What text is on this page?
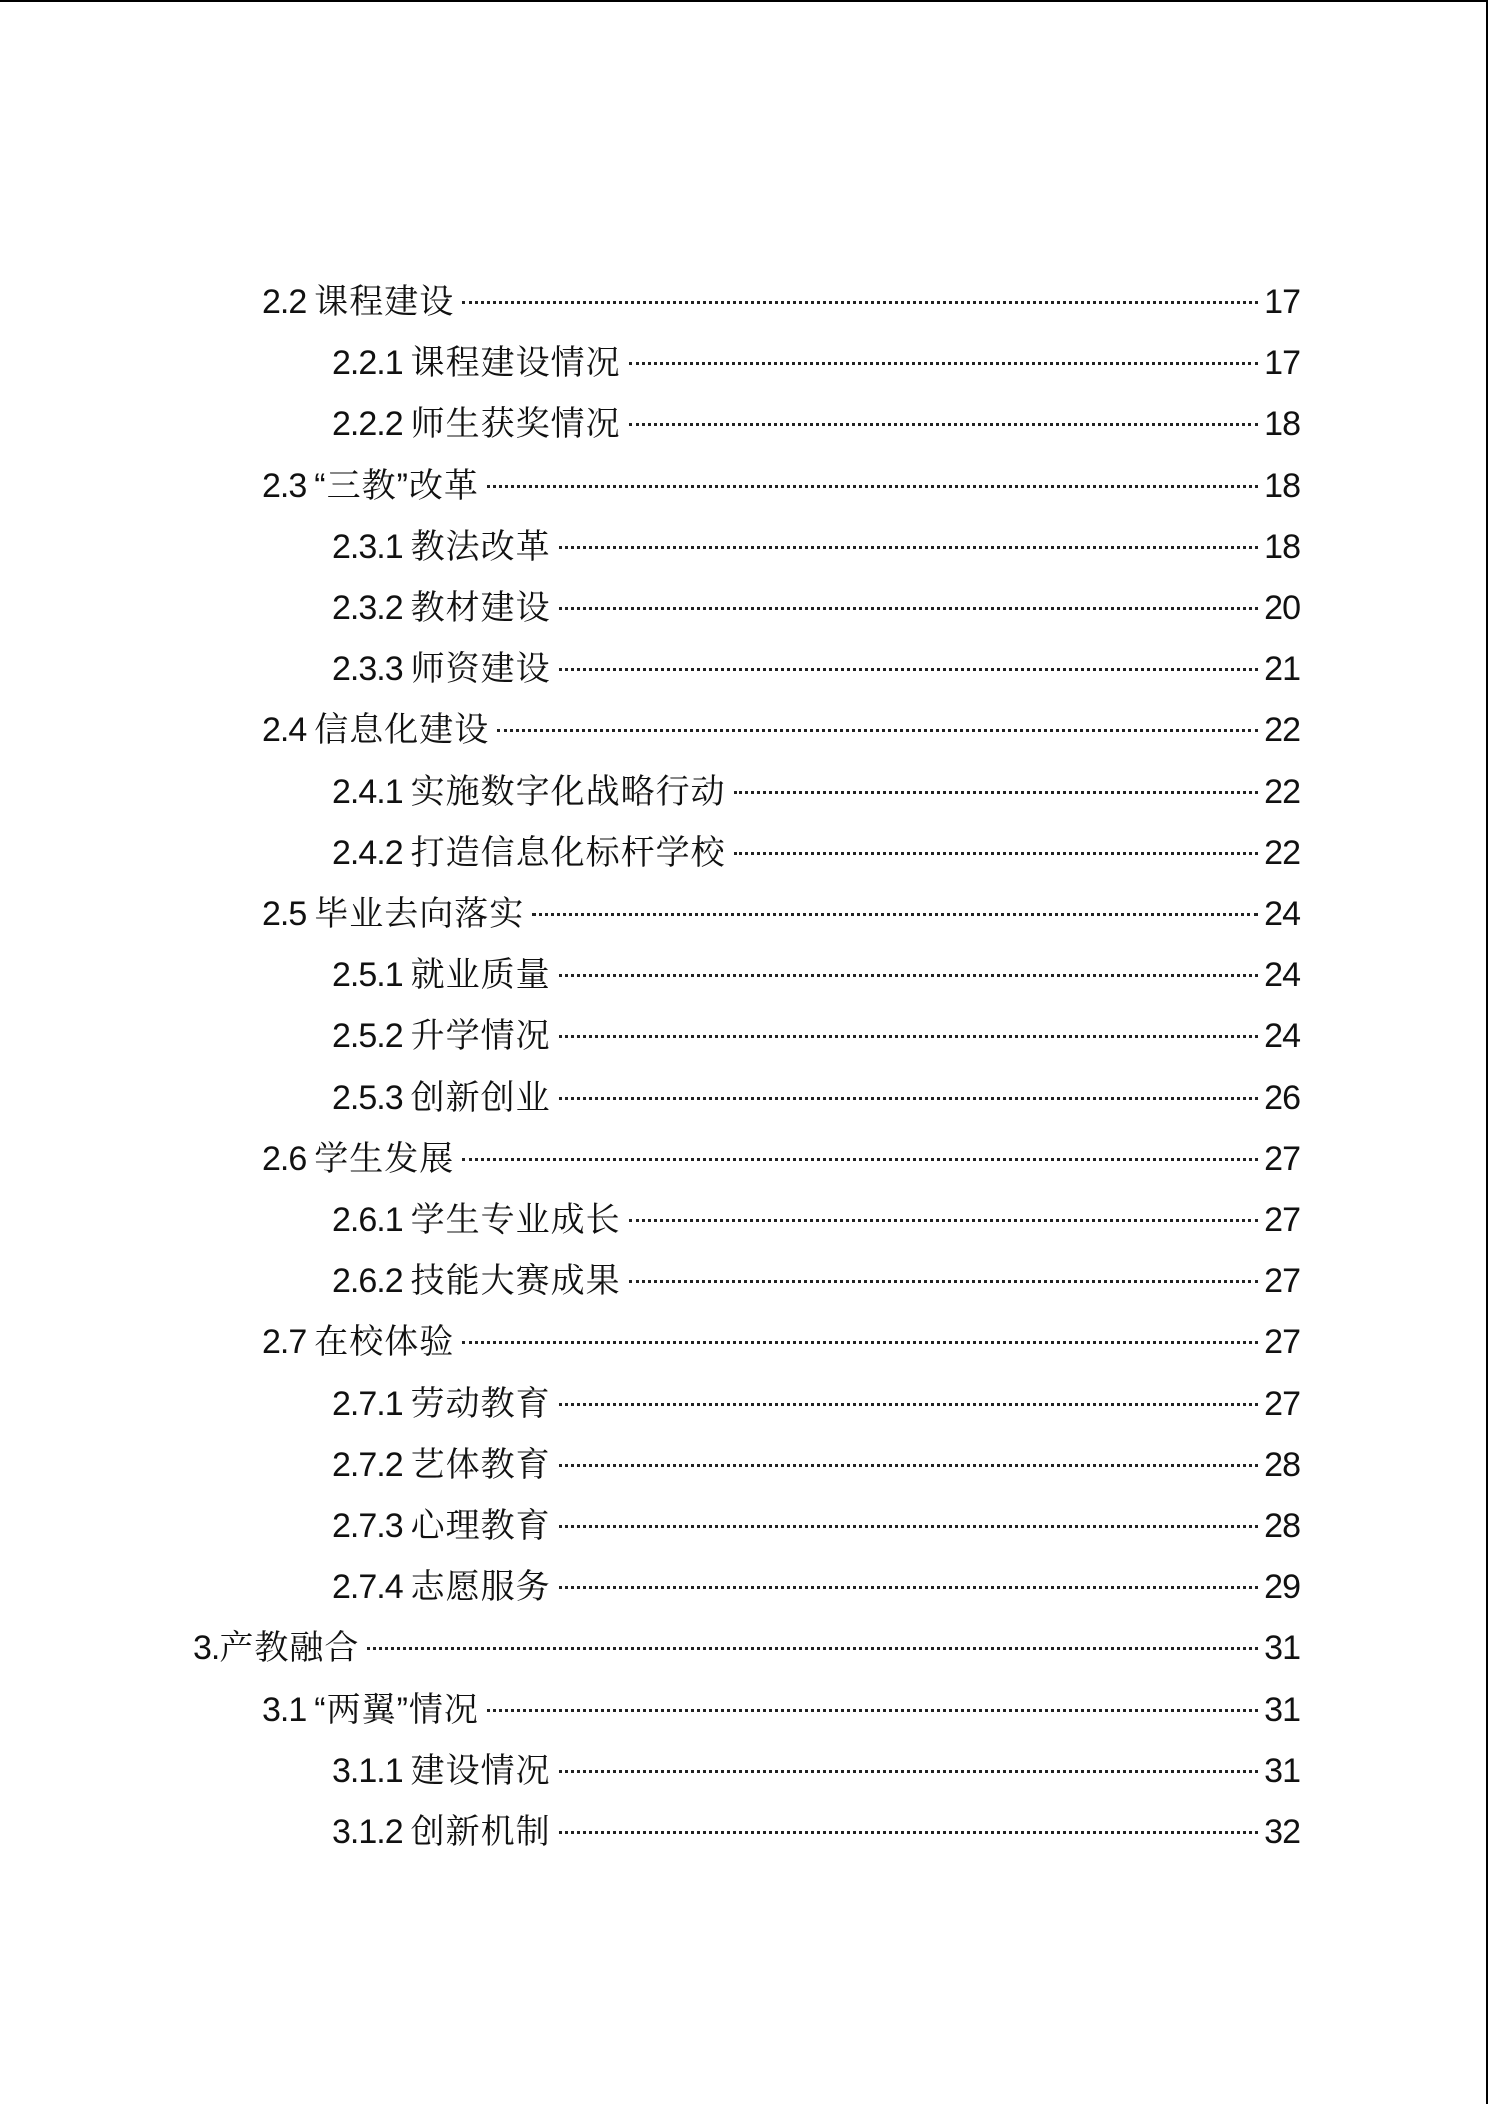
2.2 课程建设	17
2.2.1 课程建设情况	17
2.2.2 师生获奖情况	18
2.3 “三教”改革	18
2.3.1 教法改革	18
2.3.2 教材建设	20
2.3.3 师资建设	21
2.4 信息化建设	22
2.4.1 实施数字化战略行动	22
2.4.2 打造信息化标杆学校	22
2.5 毕业去向落实	24
2.5.1 就业质量	24
2.5.2 升学情况	24
2.5.3 创新创业	26
2.6 学生发展	27
2.6.1 学生专业成长	27
2.6.2 技能大赛成果	27
2.7 在校体验	27
2.7.1 劳动教育	27
2.7.2 艺体教育	28
2.7.3 心理教育	28
2.7.4 志愿服务	29
3. 产教融合	31
3.1 “两翼”情况	31
3.1.1 建设情况	31
3.1.2 创新机制	32
